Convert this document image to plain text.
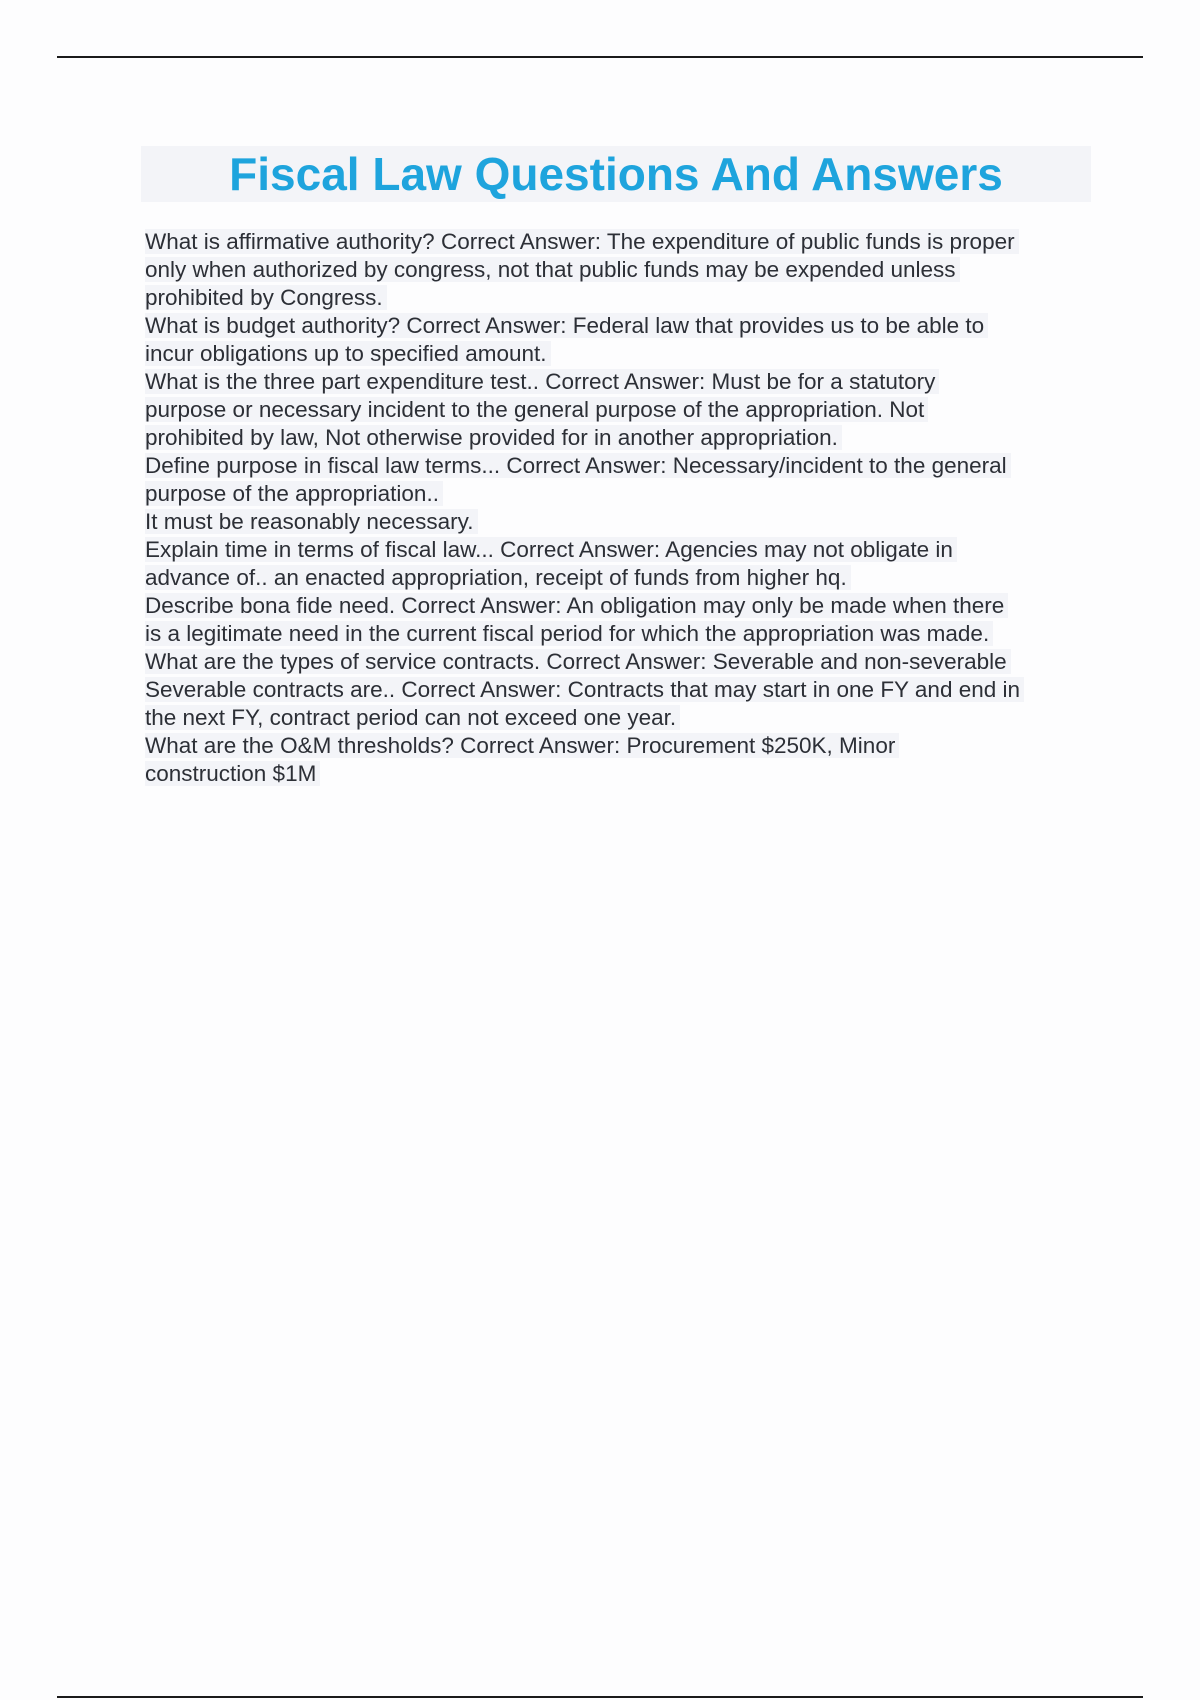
Fiscal Law Questions And Answers

What is affirmative authority? Correct Answer: The expenditure of public funds is proper
only when authorized by congress, not that public funds may be expended unless
prohibited by Congress.

What is budget authority? Correct Answer: Federal law that provides us to be able to
incur obligations up to specified amount.

What is the three part expenditure test.. Correct Answer: Must be for a statutory
purpose or necessary incident to the general purpose of the appropriation. Not
prohibited by law, Not otherwise provided for in another appropriation.

Define purpose in fiscal law terms... Correct Answer: Necessary/incident to the general
purpose of the appropriation..
It must be reasonably necessary.

Explain time in terms of fiscal law... Correct Answer: Agencies may not obligate in
advance of.. an enacted appropriation, receipt of funds from higher hq.

Describe bona fide need. Correct Answer: An obligation may only be made when there
is a legitimate need in the current fiscal period for which the appropriation was made.

What are the types of service contracts. Correct Answer: Severable and non-severable

Severable contracts are.. Correct Answer: Contracts that may start in one FY and end in
the next FY, contract period can not exceed one year.

What are the O&M thresholds? Correct Answer: Procurement $250K, Minor
construction $1M
